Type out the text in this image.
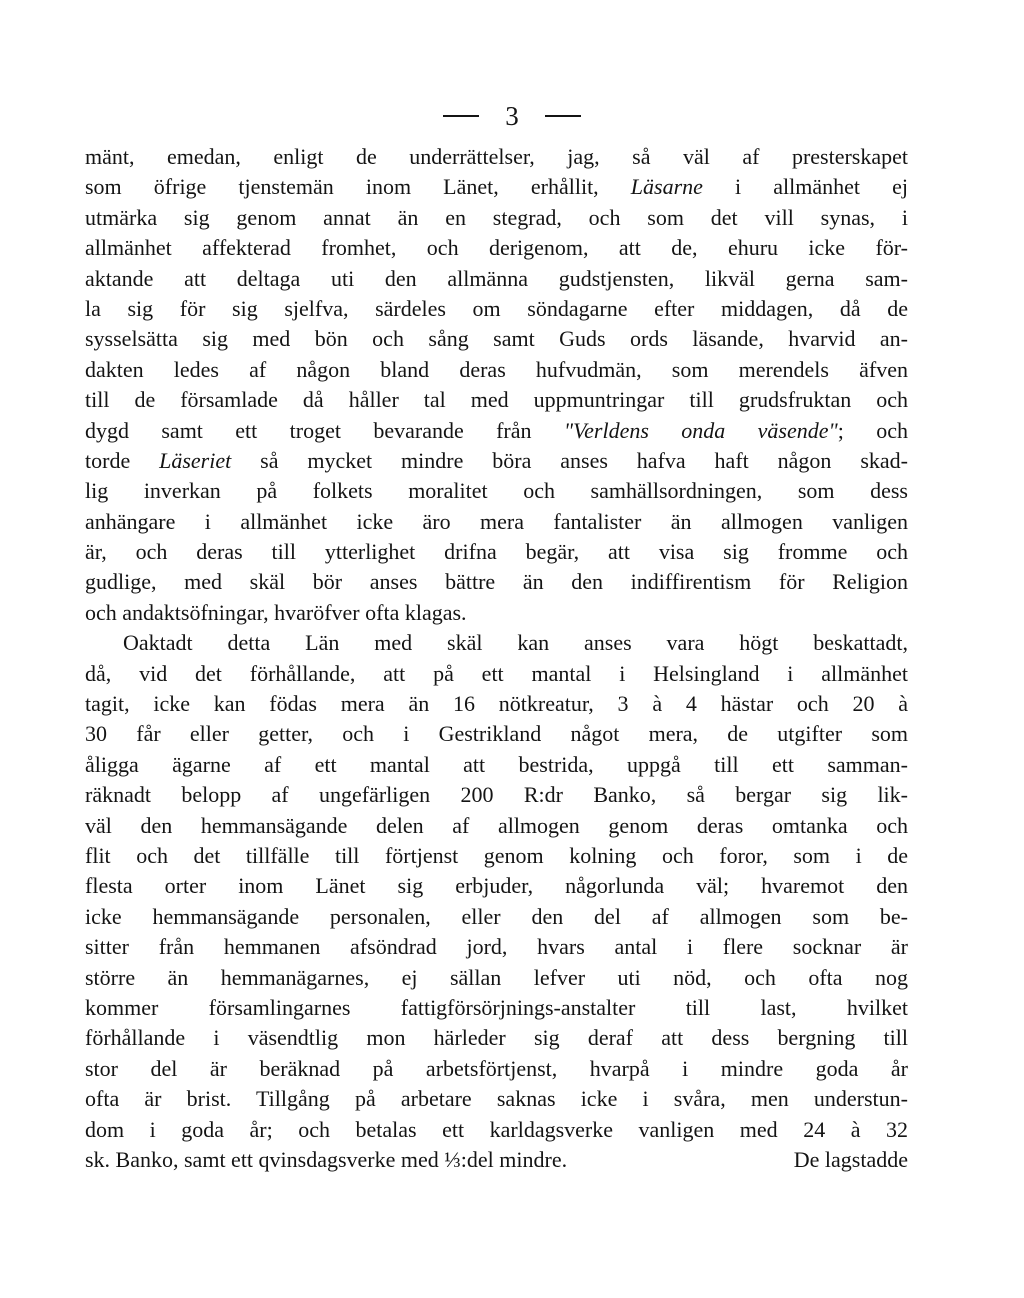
3
mänt, emedan, enligt de underrättelser, jag, så väl af presterskapet
som öfrige tjenstemän inom Länet, erhållit, Läsarne i allmänhet ej
utmärka sig genom annat än en stegrad, och som det vill synas, i
allmänhet affekterad fromhet, och derigenom, att de, ehuru icke för-
aktande att deltaga uti den allmänna gudstjensten, likväl gerna sam-
la sig för sig sjelfva, särdeles om söndagarne efter middagen, då de
sysselsätta sig med bön och sång samt Guds ords läsande, hvarvid an-
dakten ledes af någon bland deras hufvudmän, som merendels äfven
till de församlade då håller tal med uppmuntringar till grudsfruktan och
dygd samt ett troget bevarande från "Verldens onda väsende"; och
torde Läseriet så mycket mindre böra anses hafva haft någon skad-
lig inverkan på folkets moralitet och samhällsordningen, som dess
anhängare i allmänhet icke äro mera fantalister än allmogen vanligen
är, och deras till ytterlighet drifna begär, att visa sig fromme och
gudlige, med skäl bör anses bättre än den indiffirentism för Religion
och andaktsöfningar, hvaröfver ofta klagas.
Oaktadt detta Län med skäl kan anses vara högt beskattadt,
då, vid det förhållande, att på ett mantal i Helsingland i allmänhet
tagit, icke kan födas mera än 16 nötkreatur, 3 à 4 hästar och 20 à
30 får eller getter, och i Gestrikland något mera, de utgifter som
åligga ägarne af ett mantal att bestrida, uppgå till ett samman-
räknadt belopp af ungefärligen 200 R:dr Banko, så bergar sig lik-
väl den hemmansägande delen af allmogen genom deras omtanka och
flit och det tillfälle till förtjenst genom kolning och foror, som i de
flesta orter inom Länet sig erbjuder, någorlunda väl; hvaremot den
icke hemmansägande personalen, eller den del af allmogen som be-
sitter från hemmanen afsöndrad jord, hvars antal i flere socknar är
större än hemmanägarnes, ej sällan lefver uti nöd, och ofta nog
kommer församlingarnes fattigförsörjnings-anstalter till last, hvilket
förhållande i väsendtlig mon härleder sig deraf att dess bergning till
stor del är beräknad på arbetsförtjenst, hvarpå i mindre goda år
ofta är brist. Tillgång på arbetare saknas icke i svåra, men understun-
dom i goda år; och betalas ett karldagsverke vanligen med 24 à 32
sk. Banko, samt ett qvinsdagsverke med ⅓:del mindre.	De lagstadde
